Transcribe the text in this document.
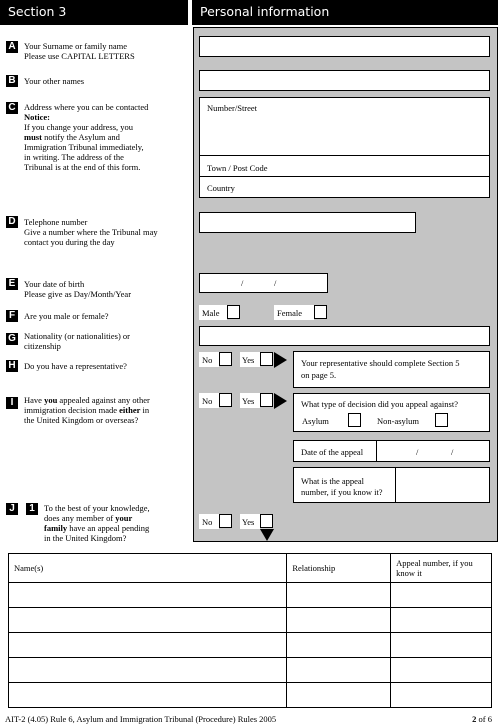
Section 3	Personal information
A Your Surname or family name
Please use CAPITAL LETTERS
B Your other names
C Address where you can be contacted
Notice:
If you change your address, you
must notify the Asylum and
Immigration Tribunal immediately,
in writing. The address of the
Tribunal is at the end of this form.
Number/Street
Town / Post Code
Country
D Telephone number
Give a number where the Tribunal may
contact you during the day
E	Your date of birth
Please give as Day/Month/Year
/	/
F	Are you male or female?	Male	Female
G Nationality (or nationalities) or
citizenship
H Do you have a representative?
No	Yes	Your representative should complete Section 5
on page 5.
I	Have you appealed against any other
immigration decision made either in
the United Kingdom or overseas?
No	Yes	What type of decision did you appeal against?
Asylum	Non-asylum
Date of the appeal	/	/
What is the appeal
number, if you know it?
J	1	To the best of your knowledge,
does any member of your
family have an appeal pending
in the United Kingdom?
No	Yes
Name(s)	Relationship	Appeal number, if you know it

AIT-2 (4.05) Rule 6, Asylum and Immigration Tribunal (Procedure) Rules 2005	2 of 6
